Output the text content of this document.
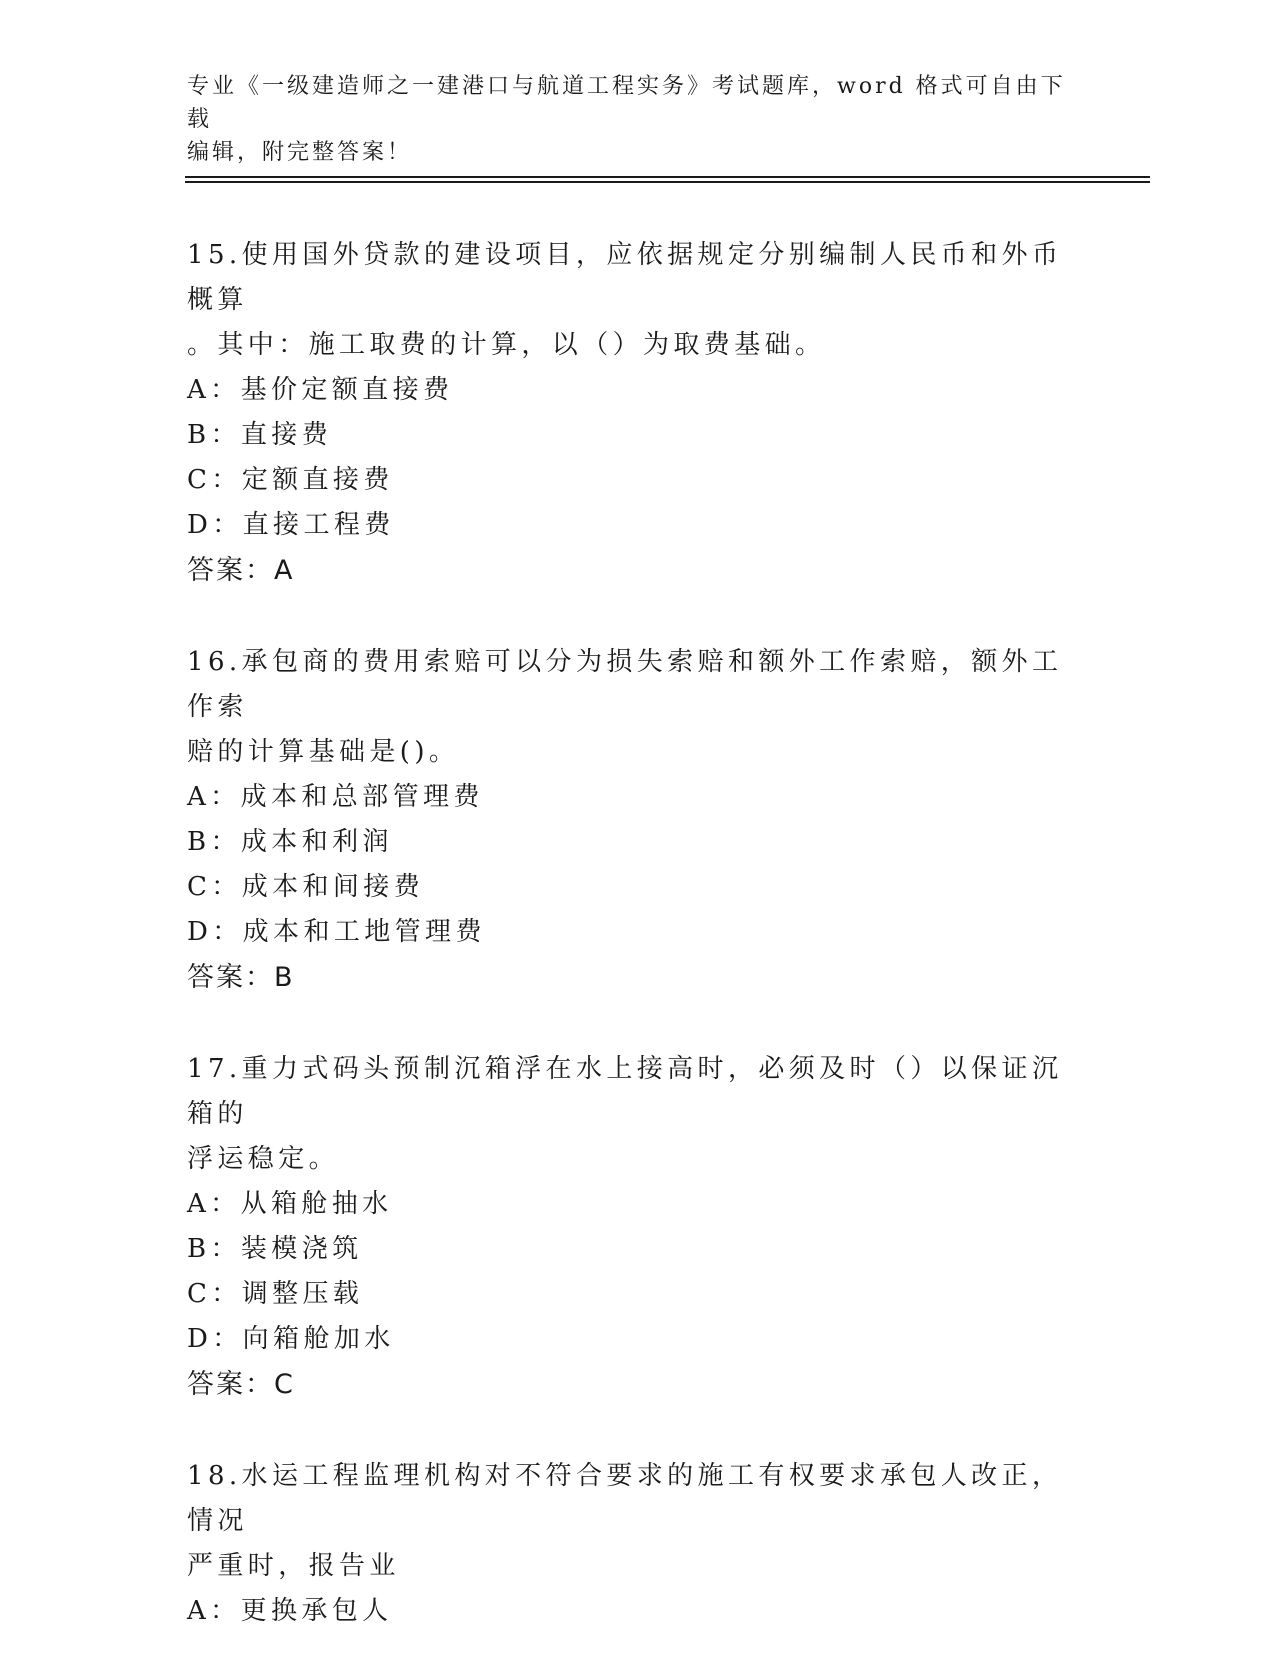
专业《一级建造师之一建港口与航道工程实务》考试题库，word 格式可自由下载
编辑，附完整答案！

15.使用国外贷款的建设项目，应依据规定分别编制人民币和外币概算
。其中：施工取费的计算，以（）为取费基础。

A：基价定额直接费

B：直接费

C：定额直接费

D：直接工程费

答案：A

16.承包商的费用索赔可以分为损失索赔和额外工作索赔，额外工作索
赔的计算基础是()。

A：成本和总部管理费

B：成本和利润

C：成本和间接费

D：成本和工地管理费

答案：B

17.重力式码头预制沉箱浮在水上接高时，必须及时（）以保证沉箱的
浮运稳定。

A：从箱舱抽水

B：装模浇筑

C：调整压载

D：向箱舱加水

答案：C

18.水运工程监理机构对不符合要求的施工有权要求承包人改正，情况
严重时，报告业

A：更换承包人
